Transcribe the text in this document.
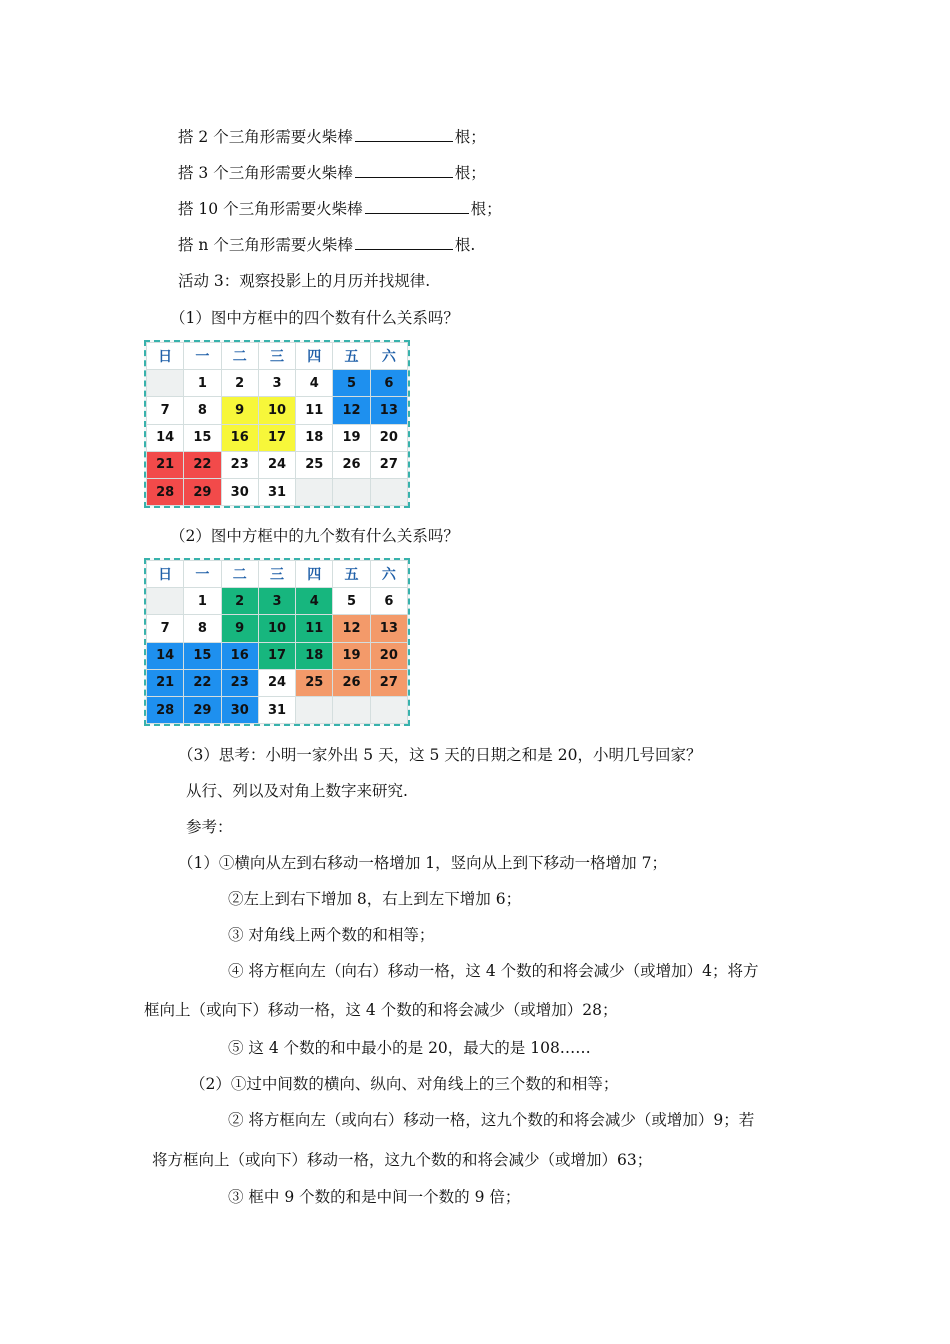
搭 2 个三角形需要火柴棒	根；
搭 3 个三角形需要火柴棒	根；
搭 10 个三角形需要火柴棒	根；
搭 n 个三角形需要火柴棒	根.
活动 3：观察投影上的月历并找规律.
（1）图中方框中的四个数有什么关系吗？
日	一	二	三	四	五	六
	1	2	3	4	5	6
7	8	9	10	11	12	13
14	15	16	17	18	19	20
21	22	23	24	25	26	27
28	29	30	31			
（2）图中方框中的九个数有什么关系吗？
日	一	二	三	四	五	六
	1	2	3	4	5	6
7	8	9	10	11	12	13
14	15	16	17	18	19	20
21	22	23	24	25	26	27
28	29	30	31			
（3）思考：小明一家外出 5 天，这 5 天的日期之和是 20，小明几号回家？
从行、列以及对角上数字来研究.
参考：
（1）①横向从左到右移动一格增加 1，竖向从上到下移动一格增加 7；
②左上到右下增加 8，右上到左下增加 6；
③ 对角线上两个数的和相等；
④ 将方框向左（向右）移动一格，这 4 个数的和将会减少（或增加）4；将方
框向上（或向下）移动一格，这 4 个数的和将会减少（或增加）28；
⑤ 这 4 个数的和中最小的是 20，最大的是 108……
（2）①过中间数的横向、纵向、对角线上的三个数的和相等；
② 将方框向左（或向右）移动一格，这九个数的和将会减少（或增加）9；若
将方框向上（或向下）移动一格，这九个数的和将会减少（或增加）63；
③ 框中 9 个数的和是中间一个数的 9 倍；
